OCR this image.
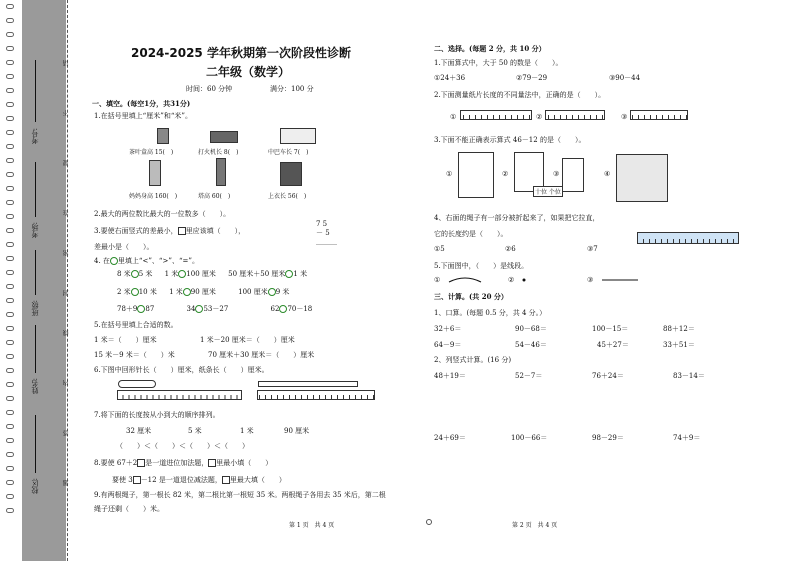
考号:
考场:
班级:
姓名:
校区:
请
不
要
在
密
封
线
内
答
题
2024-2025 学年秋期第一次阶段性诊断
二年级（数学）
时间：60 分钟	满分：100 分
一、填空。(每空1分，共31分)
1.在括号里填上“厘米”和“米”。
茶叶盒高 15(　)	打火机长 8(　)	中巴车长 7(　)
妈妈身高 160(　)	塔高 60(　)	上衣长 56(　)
2.最大的两位数比最大的一位数多（　　）。
3.要使右面竖式的差最小， 里应该填（　　），
差最小是（　　）。
7 5
－ 5
＿＿＿
4. 在 里填上“<”、“>”、“=”。
8 米 5 米 1 米 100 厘米 50 厘米＋50 厘米 1 米
2 米 10 米 1 米 90 厘米	100 厘米 9 米
78＋9 87	34 53－27	62 70－18
5.在括号里填上合适的数。
1 米＝（　　）厘米	1 米－20 厘米＝（　　）厘米
15 米－9 米＝（　　）米	70 厘米＋30 厘米＝（　　）厘米
6.下图中回形针长（　　）厘米，纸条长（　　）厘米。
7.将下面的长度按从小到大的顺序排列。
32 厘米	5 米	1 米	90 厘米
（　　）＜（　　）＜（　　）＜（　　）
8.要使 67＋2 是一道进位加法题， 里最小填（　　）
要使 3 －12 是一道退位减法题， 里最大填（　　）
9.有两根绳子，第一根长 82 米，第二根比第一根短 35 米。两根绳子各用去 35 米后，第二根
绳子还剩（　　）米。
第 1 页　共 4 页
二、选择。(每题 2 分，共 10 分）
1.下面算式中，大于 50 的数是（　　）。
①24＋36	②79－29	③90－44
2.下面测量纸片长度的不同量法中，正确的是（　　）。
①	②	③
3.下面不能正确表示算式 46－12 的是（　　）。
①	②
十位 个位
③	④
4、右面的绳子有一部分被折起来了，如果把它拉直，
它的长度约是（　　）。
①5	②6	③7
5.下面图中，（　　）是线段。
①	②	③
三、计算。(共 20 分）
1、口算。(每题 0.5 分，共 4 分。）
32＋6＝	90－68＝	100－15＝	88＋12＝
64－9＝	54－46＝	45＋27＝	33＋51＝
2、列竖式计算。(16 分)
48＋19＝	52－7＝	76＋24＝	83－14＝
24＋69＝	100－66＝	98－29＝	74＋9＝
第 2 页　共 4 页
